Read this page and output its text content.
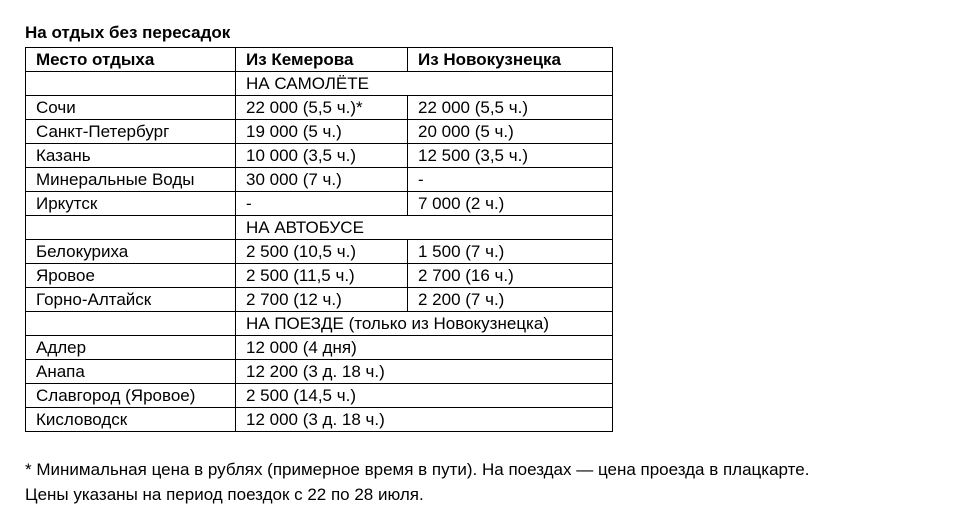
На отдых без пересадок
Место отдыха	Из Кемерова	Из Новокузнецка
	НА САМОЛЁТЕ	
Сочи	22 000 (5,5 ч.)*	22 000 (5,5 ч.)
Санкт-Петербург	19 000 (5 ч.)	20 000 (5 ч.)
Казань	10 000 (3,5 ч.)	12 500 (3,5 ч.)
Минеральные Воды	30 000 (7 ч.)	-
Иркутск	-	7 000 (2 ч.)
	НА АВТОБУСЕ	
Белокуриха	2 500 (10,5 ч.)	1 500 (7 ч.)
Яровое	2 500 (11,5 ч.)	2 700 (16 ч.)
Горно-Алтайск	2 700 (12 ч.)	2 200 (7 ч.)
	НА ПОЕЗДЕ (только из Новокузнецка)	
Адлер	12 000 (4 дня)	
Анапа	12 200 (3 д. 18 ч.)	
Славгород (Яровое)	2 500 (14,5 ч.)	
Кисловодск	12 000 (3 д. 18 ч.)	
* Минимальная цена в рублях (примерное время в пути). На поездах — цена проезда в плацкарте.
Цены указаны на период поездок с 22 по 28 июля.
